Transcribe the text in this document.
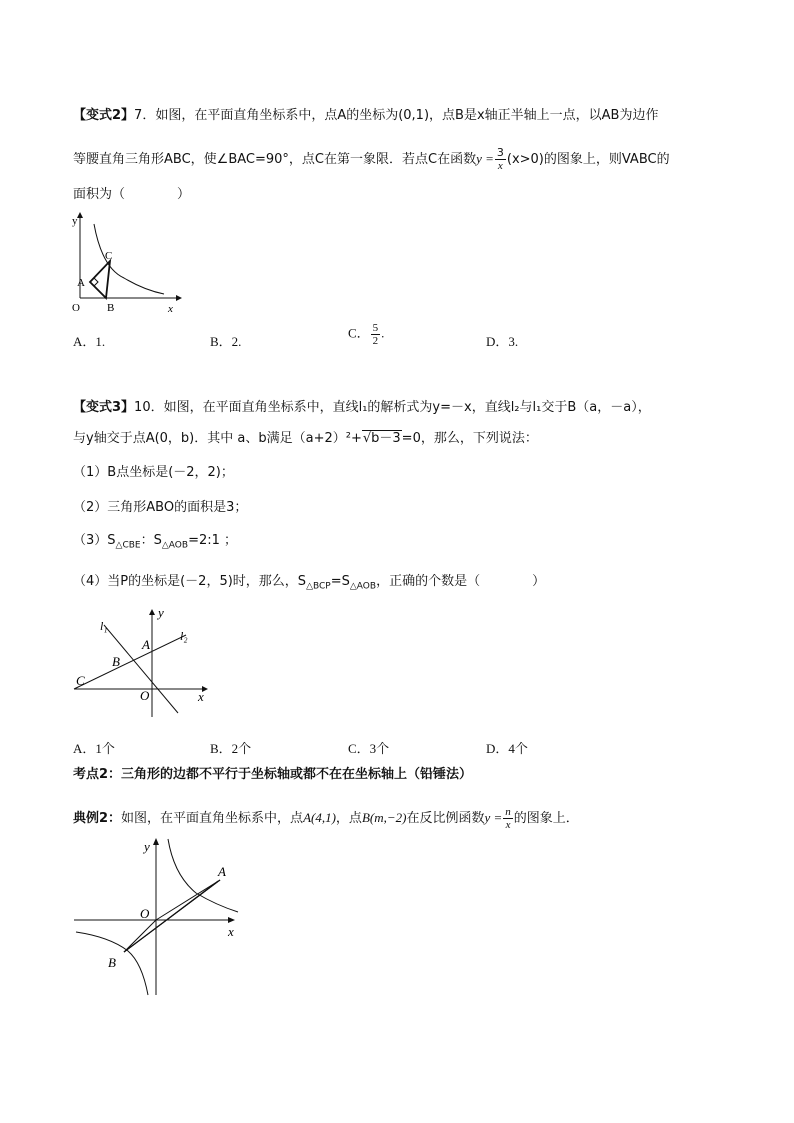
【变式2】7．如图，在平面直角坐标系中，点A的坐标为(0,1)，点B是x轴正半轴上一点，以AB为边作
等腰直角三角形ABC，使∠BAC=90°，点C在第一象限．若点C在函数$y = \frac{3}{x} (x>0)$的图象上，则VABC的
面积为（　　　　）
y
x
O
A
B
C
A．1.	B．2.
C． $\frac{5}{2}$ .
D．3.
【变式3】10．如图，在平面直角坐标系中，直线l₁的解析式为y=－x，直线l₂与l₁交于B（a，－a），
与y轴交于点A(0，b)．其中 a、b满足（a+2）²+√b－3=0，那么，下列说法：
（1）B点坐标是(－2，2)；
（2）三角形ABO的面积是3；
$(3)S_{\triangle CBE}$：$S_{\triangle AOB}=2:1$ ；
（4）当P的坐标是(－2，5)时，那么，$S_{\triangle BCP}=S_{\triangle AOB}$，正确的个数是（　　　　）
l₁
l₂
y
x
O
A
B
C
A．1个	B．2个	C．3个	D．4个
考点2：三角形的边都不平行于坐标轴或都不在在坐标轴上（铅锤法）
典例2：如图，在平面直角坐标系中，点A(4,1)，点B(m,−2)在反比例函数$y = \frac{n}{x}$ 的图象上．
y
x
O
A
B
